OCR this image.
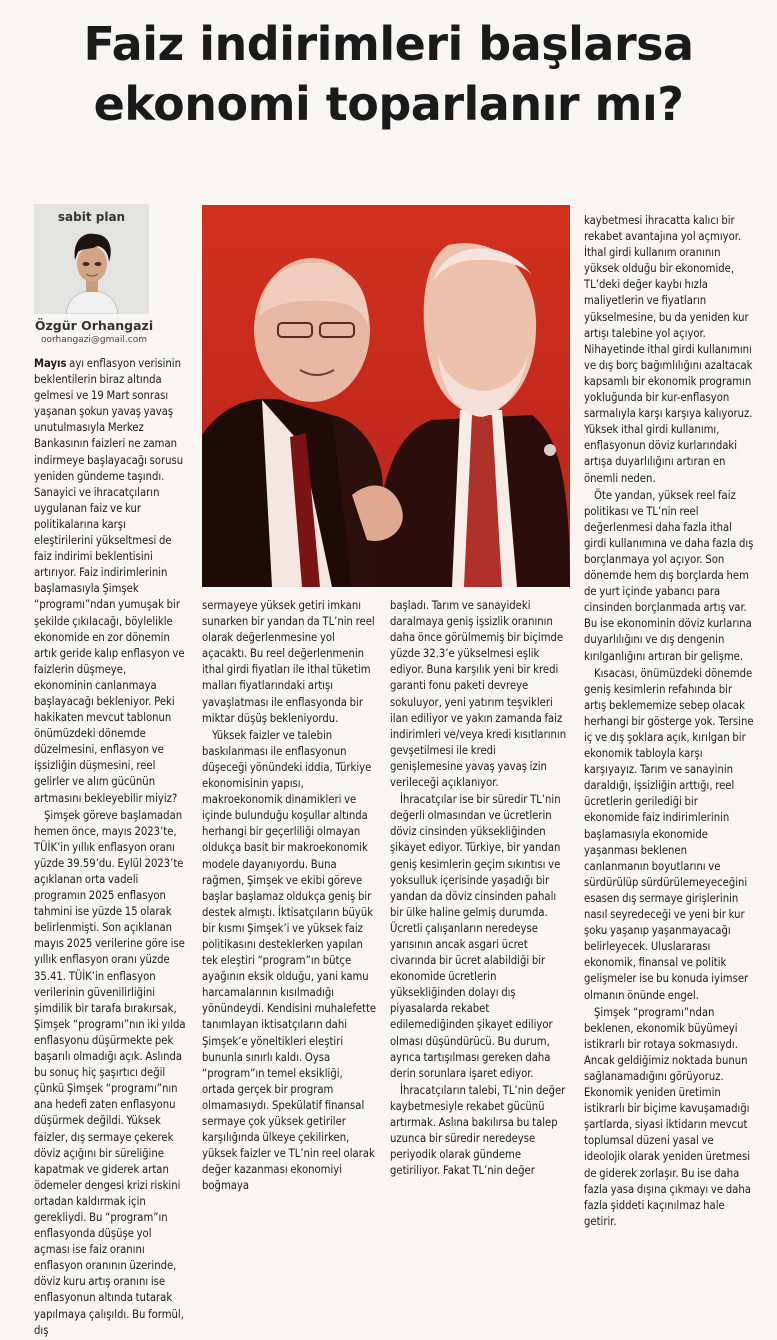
Faiz indirimleri başlarsa
ekonomi toparlanır mı?
sabit plan
Özgür Orhangazi
oorhangazi@gmail.com

Mayıs ayı enflasyon verisinin beklentilerin biraz altında gelmesi ve 19 Mart sonrası yaşanan şokun yavaş yavaş unutulmasıyla Merkez Bankasının faizleri ne zaman indirmeye başlayacağı sorusu yeniden gündeme taşındı. Sanayici ve ihracatçıların uygulanan faiz ve kur politikalarına karşı eleştirilerini yükseltmesi de faiz indirimi beklentisini artırıyor. Faiz indirimlerinin başlamasıyla Şimşek “programı”ndan yumuşak bir şekilde çıkılacağı, böylelikle ekonomide en zor dönemin artık geride kalıp enflasyon ve faizlerin düşmeye, ekonominin canlanmaya başlayacağı bekleniyor. Peki hakikaten mevcut tablonun önümüzdeki dönemde düzelmesini, enflasyon ve işsizliğin düşmesini, reel gelirler ve alım gücünün artmasını bekleyebilir miyiz?

Şimşek göreve başlamadan hemen önce, mayıs 2023’te, TÜİK’in yıllık enflasyon oranı yüzde 39.59’du. Eylül 2023’te açıklanan orta vadeli programın 2025 enflasyon tahmini ise yüzde 15 olarak belirlenmişti. Son açıklanan mayıs 2025 verilerine göre ise yıllık enflasyon oranı yüzde 35.41. TÜİK’in enflasyon verilerinin güvenilirliğini şimdilik bir tarafa bırakırsak, Şimşek “programı”nın iki yılda enflasyonu düşürmekte pek başarılı olmadığı açık. Aslında bu sonuç hiç şaşırtıcı değil çünkü Şimşek “programı”nın ana hedefi zaten enflasyonu düşürmek değildi. Yüksek faizler, dış sermaye çekerek döviz açığını bir süreliğine kapatmak ve giderek artan ödemeler dengesi krizi riskini ortadan kaldırmak için gerekliydi. Bu “program”ın enflasyonda düşüşe yol açması ise faiz oranını enflasyon oranının üzerinde, döviz kuru artış oranını ise enflasyonun altında tutarak yapılmaya çalışıldı. Bu formül, dış

sermayeye yüksek getiri imkanı sunarken bir yandan da TL’nin reel olarak değerlenmesine yol açacaktı. Bu reel değerlenmenin ithal girdi fiyatları ile ithal tüketim malları fiyatlarındaki artışı yavaşlatması ile enflasyonda bir miktar düşüş bekleniyordu.

Yüksek faizler ve talebin baskılanması ile enflasyonun düşeceği yönündeki iddia, Türkiye ekonomisinin yapısı, makroekonomik dinamikleri ve içinde bulunduğu koşullar altında herhangi bir geçerliliği olmayan oldukça basit bir makroekonomik modele dayanıyordu. Buna rağmen, Şimşek ve ekibi göreve başlar başlamaz oldukça geniş bir destek almıştı. İktisatçıların büyük bir kısmı Şimşek’i ve yüksek faiz politikasını desteklerken yapılan tek eleştiri “program”ın bütçe ayağının eksik olduğu, yani kamu harcamalarının kısılmadığı yönündeydi. Kendisini muhalefette tanımlayan iktisatçıların dahi Şimşek’e yöneltikleri eleştiri bununla sınırlı kaldı. Oysa “program”ın temel eksikliği, ortada gerçek bir program olmamasıydı. Spekülatif finansal sermaye çok yüksek getiriler karşılığında ülkeye çekilirken, yüksek faizler ve TL’nin reel olarak değer kazanması ekonomiyi boğmaya

başladı. Tarım ve sanayideki daralmaya geniş işsizlik oranının daha önce görülmemiş bir biçimde yüzde 32.3’e yükselmesi eşlik ediyor. Buna karşılık yeni bir kredi garanti fonu paketi devreye sokuluyor, yeni yatırım teşvikleri ilan ediliyor ve yakın zamanda faiz indirimleri ve/veya kredi kısıtlarının gevşetilmesi ile kredi genişlemesine yavaş yavaş izin verileceği açıklanıyor.

İhracatçılar ise bir süredir TL’nin değerli olmasından ve ücretlerin döviz cinsinden yüksekliğinden şikayet ediyor. Türkiye, bir yandan geniş kesimlerin geçim sıkıntısı ve yoksulluk içerisinde yaşadığı bir yandan da döviz cinsinden pahalı bir ülke haline gelmiş durumda. Ücretli çalışanların neredeyse yarısının ancak asgari ücret civarında bir ücret alabildiği bir ekonomide ücretlerin yüksekliğinden dolayı dış piyasalarda rekabet edilemediğinden şikayet ediliyor olması düşündürücü. Bu durum, ayrıca tartışılması gereken daha derin sorunlara işaret ediyor.

İhracatçıların talebi, TL’nin değer kaybetmesiyle rekabet gücünü artırmak. Aslına bakılırsa bu talep uzunca bir süredir neredeyse periyodik olarak gündeme getiriliyor. Fakat TL’nin değer

kaybetmesi ihracatta kalıcı bir rekabet avantajına yol açmıyor. İthal girdi kullanım oranının yüksek olduğu bir ekonomide, TL’deki değer kaybı hızla maliyetlerin ve fiyatların yükselmesine, bu da yeniden kur artışı talebine yol açıyor. Nihayetinde ithal girdi kullanımını ve dış borç bağımlılığını azaltacak kapsamlı bir ekonomik programın yokluğunda bir kur-enflasyon sarmalıyla karşı karşıya kalıyoruz. Yüksek ithal girdi kullanımı, enflasyonun döviz kurlarındaki artışa duyarlılığını artıran en önemli neden.

Öte yandan, yüksek reel faiz politikası ve TL’nin reel değerlenmesi daha fazla ithal girdi kullanımına ve daha fazla dış borçlanmaya yol açıyor. Son dönemde hem dış borçlarda hem de yurt içinde yabancı para cinsinden borçlanmada artış var. Bu ise ekonominin döviz kurlarına duyarlılığını ve dış dengenin kırılganlığını artıran bir gelişme.

Kısacası, önümüzdeki dönemde geniş kesimlerin refahında bir artış beklememize sebep olacak herhangi bir gösterge yok. Tersine iç ve dış şoklara açık, kırılgan bir ekonomik tabloyla karşı karşıyayız. Tarım ve sanayinin daraldığı, işsizliğin arttığı, reel ücretlerin gerilediği bir ekonomide faiz indirimlerinin başlamasıyla ekonomide yaşanması beklenen canlanmanın boyutlarını ve sürdürülüp sürdürülemeyeceğini esasen dış sermaye girişlerinin nasıl seyredeceği ve yeni bir kur şoku yaşanıp yaşanmayacağı belirleyecek. Uluslararası ekonomik, finansal ve politik gelişmeler ise bu konuda iyimser olmanın önünde engel.

Şimşek “programı”ndan beklenen, ekonomik büyümeyi istikrarlı bir rotaya sokmasıydı. Ancak geldiğimiz noktada bunun sağlanamadığını görüyoruz. Ekonomik yeniden üretimin istikrarlı bir biçime kavuşamadığı şartlarda, siyasi iktidarın mevcut toplumsal düzeni yasal ve ideolojik olarak yeniden üretmesi de giderek zorlaşır. Bu ise daha fazla yasa dışına çıkmayı ve daha fazla şiddeti kaçınılmaz hale getirir.
